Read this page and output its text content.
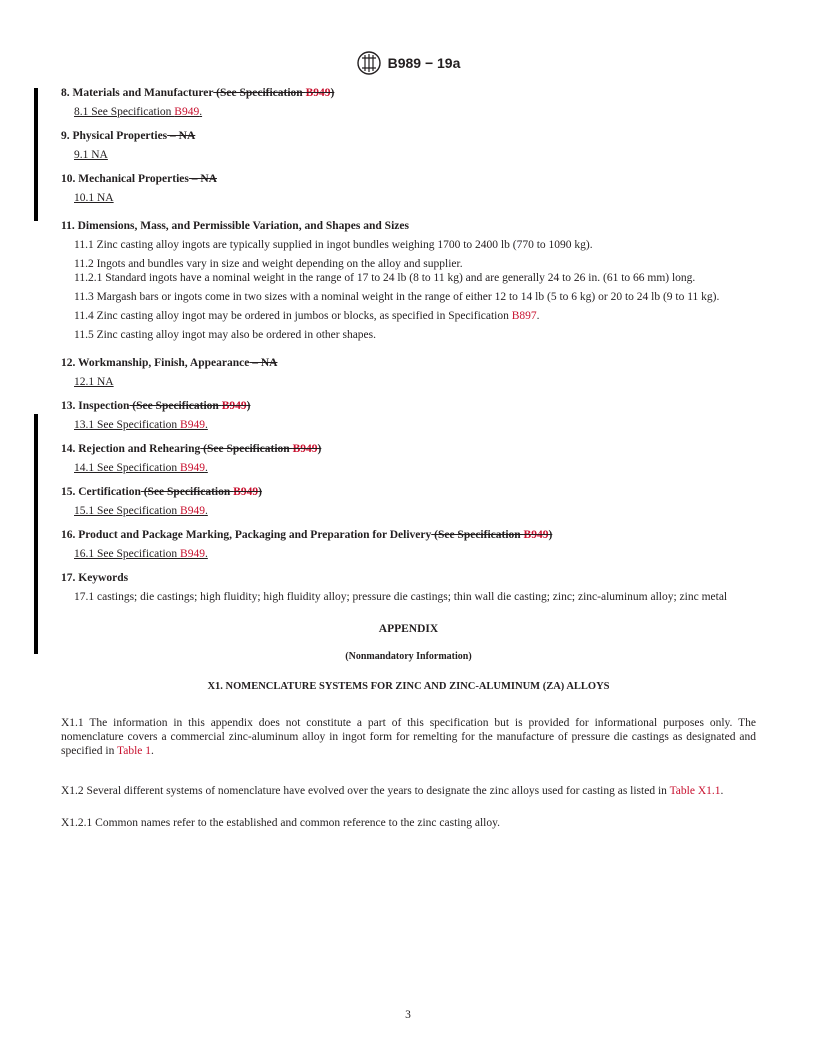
B989 − 19a

8. Materials and Manufacturer (See Specification B949)

8.1 See Specification B949.

9. Physical Properties – NA

9.1 NA

10. Mechanical Properties – NA

10.1 NA

11. Dimensions, Mass, and Permissible Variation, and Shapes and Sizes

11.1 Zinc casting alloy ingots are typically supplied in ingot bundles weighing 1700 to 2400 lb (770 to 1090 kg).

11.2 Ingots and bundles vary in size and weight depending on the alloy and supplier.

11.2.1 Standard ingots have a nominal weight in the range of 17 to 24 lb (8 to 11 kg) and are generally 24 to 26 in. (61 to 66 mm) long.

11.3 Margash bars or ingots come in two sizes with a nominal weight in the range of either 12 to 14 lb (5 to 6 kg) or 20 to 24 lb (9 to 11 kg).

11.4 Zinc casting alloy ingot may be ordered in jumbos or blocks, as specified in Specification B897.

11.5 Zinc casting alloy ingot may also be ordered in other shapes.

12. Workmanship, Finish, Appearance – NA

12.1 NA

13. Inspection (See Specification B949)

13.1 See Specification B949.

14. Rejection and Rehearing (See Specification B949)

14.1 See Specification B949.

15. Certification (See Specification B949)

15.1 See Specification B949.

16. Product and Package Marking, Packaging and Preparation for Delivery (See Specification B949)

16.1 See Specification B949.

17. Keywords

17.1 castings; die castings; high fluidity; high fluidity alloy; pressure die castings; thin wall die casting; zinc; zinc-aluminum alloy; zinc metal

APPENDIX

(Nonmandatory Information)

X1. NOMENCLATURE SYSTEMS FOR ZINC AND ZINC-ALUMINUM (ZA) ALLOYS

X1.1 The information in this appendix does not constitute a part of this specification but is provided for informational purposes only. The nomenclature covers a commercial zinc-aluminum alloy in ingot form for remelting for the manufacture of pressure die castings as designated and specified in Table 1.

X1.2 Several different systems of nomenclature have evolved over the years to designate the zinc alloys used for casting as listed in Table X1.1.

X1.2.1 Common names refer to the established and common reference to the zinc casting alloy.

3
